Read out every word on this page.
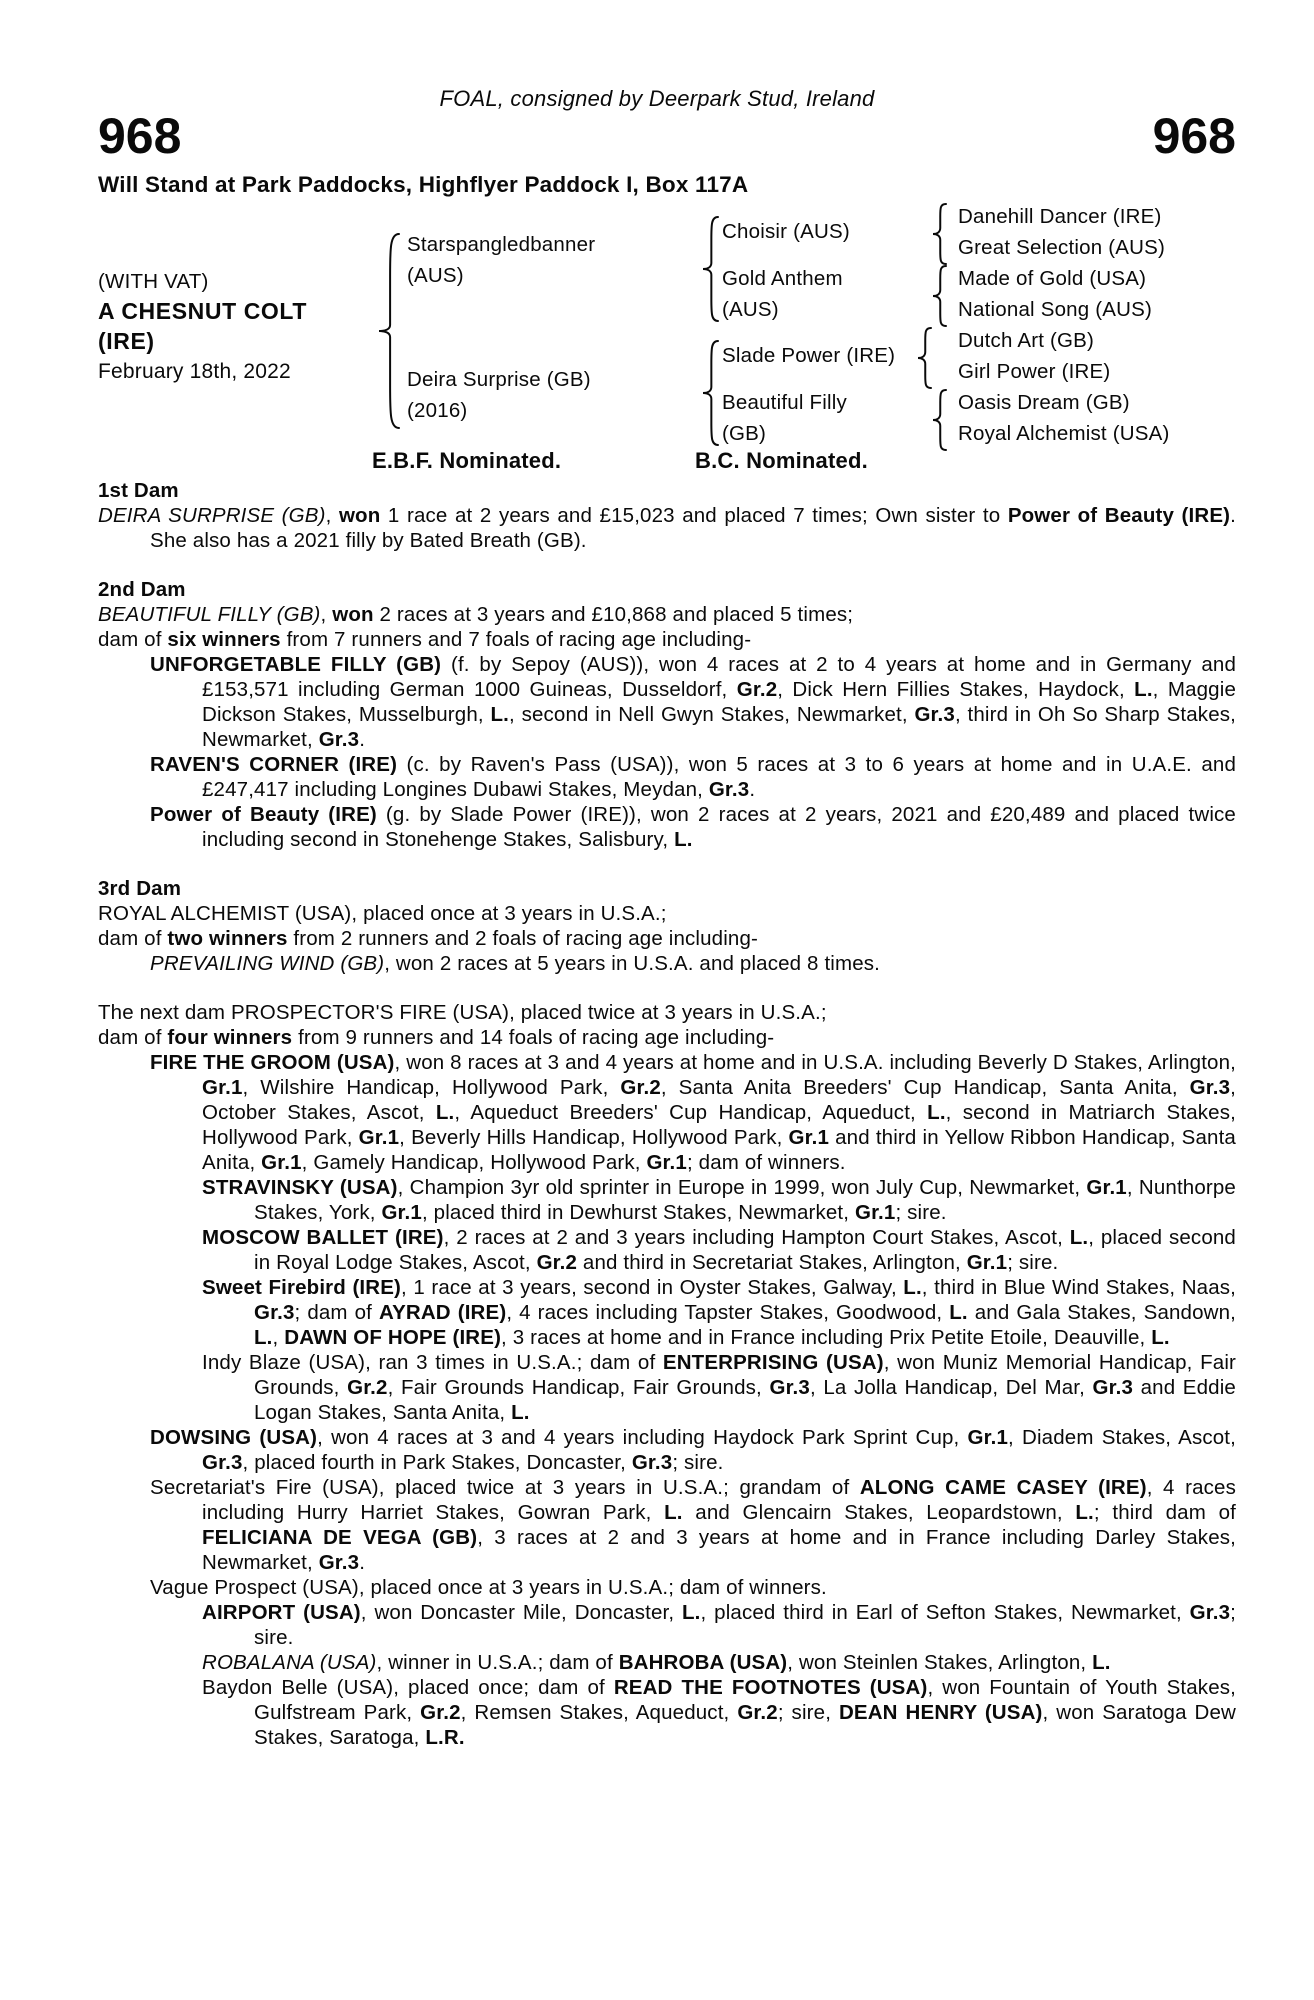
FOAL, consigned by Deerpark Stud, Ireland
968	968
Will Stand at Park Paddocks, Highflyer Paddock I, Box 117A
(WITH VAT)
A CHESNUT COLT
(IRE)
February 18th, 2022
Starspangledbanner
(AUS)
Deira Surprise (GB)
(2016)
Choisir (AUS)
Gold Anthem
(AUS)
Slade Power (IRE)
Beautiful Filly
(GB)
Danehill Dancer (IRE)
Great Selection (AUS)
Made of Gold (USA)
National Song (AUS)
Dutch Art (GB)
Girl Power (IRE)
Oasis Dream (GB)
Royal Alchemist (USA)
E.B.F. Nominated.	B.C. Nominated.
1st Dam
DEIRA SURPRISE (GB), won 1 race at 2 years and £15,023 and placed 7 times; Own sister to Power of Beauty (IRE). She also has a 2021 filly by Bated Breath (GB).
2nd Dam
BEAUTIFUL FILLY (GB), won 2 races at 3 years and £10,868 and placed 5 times;
dam of six winners from 7 runners and 7 foals of racing age including-
UNFORGETABLE FILLY (GB) (f. by Sepoy (AUS)), won 4 races at 2 to 4 years at home and in Germany and £153,571 including German 1000 Guineas, Dusseldorf, Gr.2, Dick Hern Fillies Stakes, Haydock, L., Maggie Dickson Stakes, Musselburgh, L., second in Nell Gwyn Stakes, Newmarket, Gr.3, third in Oh So Sharp Stakes, Newmarket, Gr.3.
RAVEN'S CORNER (IRE) (c. by Raven's Pass (USA)), won 5 races at 3 to 6 years at home and in U.A.E. and £247,417 including Longines Dubawi Stakes, Meydan, Gr.3.
Power of Beauty (IRE) (g. by Slade Power (IRE)), won 2 races at 2 years, 2021 and £20,489 and placed twice including second in Stonehenge Stakes, Salisbury, L.
3rd Dam
ROYAL ALCHEMIST (USA), placed once at 3 years in U.S.A.;
dam of two winners from 2 runners and 2 foals of racing age including-
PREVAILING WIND (GB), won 2 races at 5 years in U.S.A. and placed 8 times.
The next dam PROSPECTOR'S FIRE (USA), placed twice at 3 years in U.S.A.;
dam of four winners from 9 runners and 14 foals of racing age including-
FIRE THE GROOM (USA), won 8 races at 3 and 4 years at home and in U.S.A. including Beverly D Stakes, Arlington, Gr.1, Wilshire Handicap, Hollywood Park, Gr.2, Santa Anita Breeders' Cup Handicap, Santa Anita, Gr.3, October Stakes, Ascot, L., Aqueduct Breeders' Cup Handicap, Aqueduct, L., second in Matriarch Stakes, Hollywood Park, Gr.1, Beverly Hills Handicap, Hollywood Park, Gr.1 and third in Yellow Ribbon Handicap, Santa Anita, Gr.1, Gamely Handicap, Hollywood Park, Gr.1; dam of winners.
STRAVINSKY (USA), Champion 3yr old sprinter in Europe in 1999, won July Cup, Newmarket, Gr.1, Nunthorpe Stakes, York, Gr.1, placed third in Dewhurst Stakes, Newmarket, Gr.1; sire.
MOSCOW BALLET (IRE), 2 races at 2 and 3 years including Hampton Court Stakes, Ascot, L., placed second in Royal Lodge Stakes, Ascot, Gr.2 and third in Secretariat Stakes, Arlington, Gr.1; sire.
Sweet Firebird (IRE), 1 race at 3 years, second in Oyster Stakes, Galway, L., third in Blue Wind Stakes, Naas, Gr.3; dam of AYRAD (IRE), 4 races including Tapster Stakes, Goodwood, L. and Gala Stakes, Sandown, L., DAWN OF HOPE (IRE), 3 races at home and in France including Prix Petite Etoile, Deauville, L.
Indy Blaze (USA), ran 3 times in U.S.A.; dam of ENTERPRISING (USA), won Muniz Memorial Handicap, Fair Grounds, Gr.2, Fair Grounds Handicap, Fair Grounds, Gr.3, La Jolla Handicap, Del Mar, Gr.3 and Eddie Logan Stakes, Santa Anita, L.
DOWSING (USA), won 4 races at 3 and 4 years including Haydock Park Sprint Cup, Gr.1, Diadem Stakes, Ascot, Gr.3, placed fourth in Park Stakes, Doncaster, Gr.3; sire.
Secretariat's Fire (USA), placed twice at 3 years in U.S.A.; grandam of ALONG CAME CASEY (IRE), 4 races including Hurry Harriet Stakes, Gowran Park, L. and Glencairn Stakes, Leopardstown, L.; third dam of FELICIANA DE VEGA (GB), 3 races at 2 and 3 years at home and in France including Darley Stakes, Newmarket, Gr.3.
Vague Prospect (USA), placed once at 3 years in U.S.A.; dam of winners.
AIRPORT (USA), won Doncaster Mile, Doncaster, L., placed third in Earl of Sefton Stakes, Newmarket, Gr.3; sire.
ROBALANA (USA), winner in U.S.A.; dam of BAHROBA (USA), won Steinlen Stakes, Arlington, L.
Baydon Belle (USA), placed once; dam of READ THE FOOTNOTES (USA), won Fountain of Youth Stakes, Gulfstream Park, Gr.2, Remsen Stakes, Aqueduct, Gr.2; sire, DEAN HENRY (USA), won Saratoga Dew Stakes, Saratoga, L.R.
